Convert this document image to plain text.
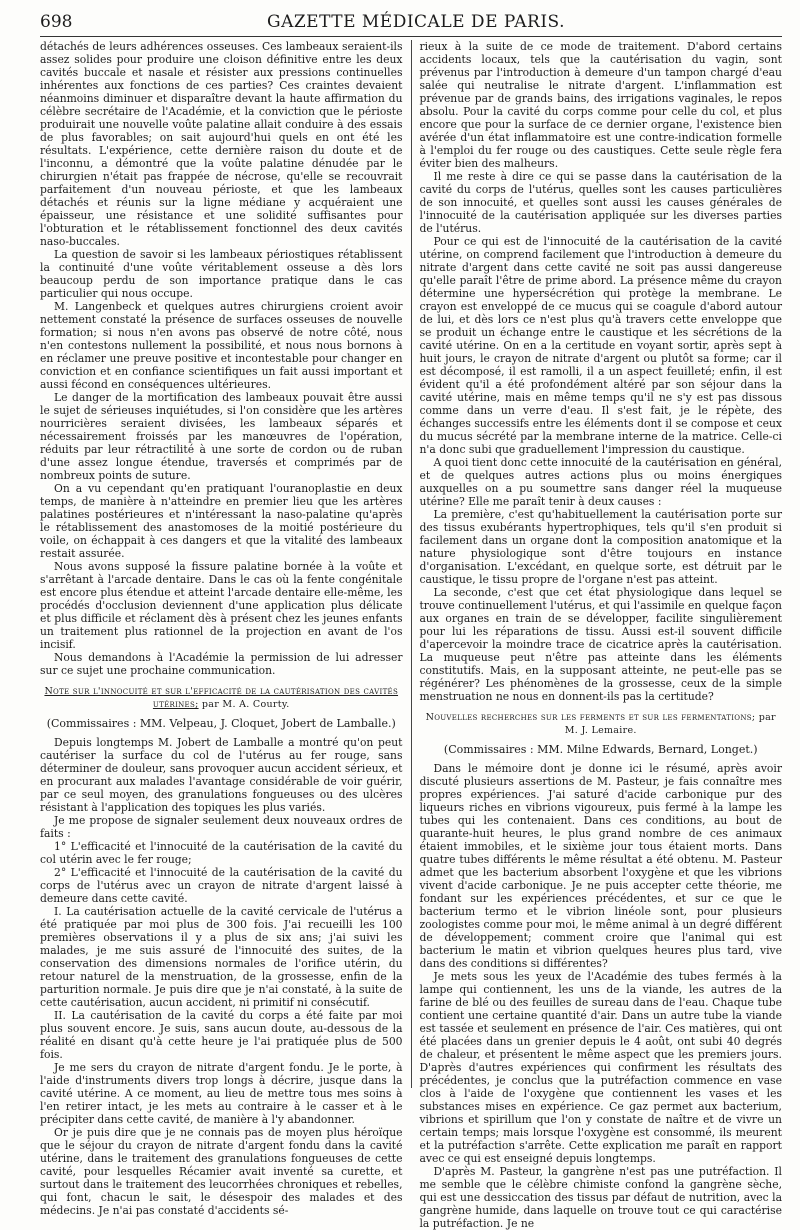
698	GAZETTE MÉDICALE DE PARIS.

détachés de leurs adhérences osseuses. Ces lambeaux seraient-ils assez solides pour produire une cloison définitive entre les deux cavités buccale et nasale et résister aux pressions continuelles inhérentes aux fonctions de ces parties? Ces craintes devaient néanmoins diminuer et disparaître devant la haute affirmation du célèbre secrétaire de l'Académie, et la conviction que le périoste produirait une nouvelle voûte palatine allait conduire à des essais de plus favorables; on sait aujourd'hui quels en ont été les résultats. L'expérience, cette dernière raison du doute et de l'inconnu, a démontré que la voûte palatine dénudée par le chirurgien n'était pas frappée de nécrose, qu'elle se recouvrait parfaitement d'un nouveau périoste, et que les lambeaux détachés et réunis sur la ligne médiane y acquéraient une épaisseur, une résistance et une solidité suffisantes pour l'obturation et le rétablissement fonctionnel des deux cavités naso-buccales.

La question de savoir si les lambeaux périostiques rétablissent la continuité d'une voûte véritablement osseuse a dès lors beaucoup perdu de son importance pratique dans le cas particulier qui nous occupe.

M. Langenbeck et quelques autres chirurgiens croient avoir nettement constaté la présence de surfaces osseuses de nouvelle formation; si nous n'en avons pas observé de notre côté, nous n'en contestons nullement la possibilité, et nous nous bornons à en réclamer une preuve positive et incontestable pour changer en conviction et en confiance scientifiques un fait aussi important et aussi fécond en conséquences ultérieures.

Le danger de la mortification des lambeaux pouvait être aussi le sujet de sérieuses inquiétudes, si l'on considère que les artères nourricières seraient divisées, les lambeaux séparés et nécessairement froissés par les manœuvres de l'opération, réduits par leur rétractilité à une sorte de cordon ou de ruban d'une assez longue étendue, traversés et comprimés par de nombreux points de suture.

On a vu cependant qu'en pratiquant l'ouranoplastie en deux temps, de manière à n'atteindre en premier lieu que les artères palatines postérieures et n'intéressant la naso-palatine qu'après le rétablissement des anastomoses de la moitié postérieure du voile, on échappait à ces dangers et que la vitalité des lambeaux restait assurée.

Nous avons supposé la fissure palatine bornée à la voûte et s'arrêtant à l'arcade dentaire. Dans le cas où la fente congénitale est encore plus étendue et atteint l'arcade dentaire elle-même, les procédés d'occlusion deviennent d'une application plus délicate et plus difficile et réclament dès à présent chez les jeunes enfants un traitement plus rationnel de la projection en avant de l'os incisif.

Nous demandons à l'Académie la permission de lui adresser sur ce sujet une prochaine communication.

Note sur l'innocuité et sur l'efficacité de la cautérisation des cavités utérines; par M. A. Courty.

(Commissaires : MM. Velpeau, J. Cloquet, Jobert de Lamballe.)

Depuis longtemps M. Jobert de Lamballe a montré qu'on peut cautériser la surface du col de l'utérus au fer rouge, sans déterminer de douleur, sans provoquer aucun accident sérieux, et en procurant aux malades l'avantage considérable de voir guérir, par ce seul moyen, des granulations fongueuses ou des ulcères résistant à l'application des topiques les plus variés.

Je me propose de signaler seulement deux nouveaux ordres de faits :

1° L'efficacité et l'innocuité de la cautérisation de la cavité du col utérin avec le fer rouge;

2° L'efficacité et l'innocuité de la cautérisation de la cavité du corps de l'utérus avec un crayon de nitrate d'argent laissé à demeure dans cette cavité.

I. La cautérisation actuelle de la cavité cervicale de l'utérus a été pratiquée par moi plus de 300 fois. J'ai recueilli les 100 premières observations il y a plus de six ans; j'ai suivi les malades, je me suis assuré de l'innocuité des suites, de la conservation des dimensions normales de l'orifice utérin, du retour naturel de la menstruation, de la grossesse, enfin de la parturition normale. Je puis dire que je n'ai constaté, à la suite de cette cautérisation, aucun accident, ni primitif ni consécutif.

II. La cautérisation de la cavité du corps a été faite par moi plus souvent encore. Je suis, sans aucun doute, au-dessous de la réalité en disant qu'à cette heure je l'ai pratiquée plus de 500 fois.

Je me sers du crayon de nitrate d'argent fondu. Je le porte, à l'aide d'instruments divers trop longs à décrire, jusque dans la cavité utérine. A ce moment, au lieu de mettre tous mes soins à l'en retirer intact, je les mets au contraire à le casser et à le précipiter dans cette cavité, de manière à l'y abandonner.

Or je puis dire que je ne connais pas de moyen plus héroïque que le séjour du crayon de nitrate d'argent fondu dans la cavité utérine, dans le traitement des granulations fongueuses de cette cavité, pour lesquelles Récamier avait inventé sa curette, et surtout dans le traitement des leucorrhées chroniques et rebelles, qui font, chacun le sait, le désespoir des malades et des médecins. Je n'ai pas constaté d'accidents sé-

rieux à la suite de ce mode de traitement. D'abord certains accidents locaux, tels que la cautérisation du vagin, sont prévenus par l'introduction à demeure d'un tampon chargé d'eau salée qui neutralise le nitrate d'argent. L'inflammation est prévenue par de grands bains, des irrigations vaginales, le repos absolu. Pour la cavité du corps comme pour celle du col, et plus encore que pour la surface de ce dernier organe, l'existence bien avérée d'un état inflammatoire est une contre-indication formelle à l'emploi du fer rouge ou des caustiques. Cette seule règle fera éviter bien des malheurs.

Il me reste à dire ce qui se passe dans la cautérisation de la cavité du corps de l'utérus, quelles sont les causes particulières de son innocuité, et quelles sont aussi les causes générales de l'innocuité de la cautérisation appliquée sur les diverses parties de l'utérus.

Pour ce qui est de l'innocuité de la cautérisation de la cavité utérine, on comprend facilement que l'introduction à demeure du nitrate d'argent dans cette cavité ne soit pas aussi dangereuse qu'elle paraît l'être de prime abord. La présence même du crayon détermine une hypersécrétion qui protège la membrane. Le crayon est enveloppé de ce mucus qui se coagule d'abord autour de lui, et dès lors ce n'est plus qu'à travers cette enveloppe que se produit un échange entre le caustique et les sécrétions de la cavité utérine. On en a la certitude en voyant sortir, après sept à huit jours, le crayon de nitrate d'argent ou plutôt sa forme; car il est décomposé, il est ramolli, il a un aspect feuilleté; enfin, il est évident qu'il a été profondément altéré par son séjour dans la cavité utérine, mais en même temps qu'il ne s'y est pas dissous comme dans un verre d'eau. Il s'est fait, je le répète, des échanges successifs entre les éléments dont il se compose et ceux du mucus sécrété par la membrane interne de la matrice. Celle-ci n'a donc subi que graduellement l'impression du caustique.

A quoi tient donc cette innocuité de la cautérisation en général, et de quelques autres actions plus ou moins énergiques auxquelles on a pu soumettre sans danger réel la muqueuse utérine? Elle me paraît tenir à deux causes :

La première, c'est qu'habituellement la cautérisation porte sur des tissus exubérants hypertrophiques, tels qu'il s'en produit si facilement dans un organe dont la composition anatomique et la nature physiologique sont d'être toujours en instance d'organisation. L'excédant, en quelque sorte, est détruit par le caustique, le tissu propre de l'organe n'est pas atteint.

La seconde, c'est que cet état physiologique dans lequel se trouve continuellement l'utérus, et qui l'assimile en quelque façon aux organes en train de se développer, facilite singulièrement pour lui les réparations de tissu. Aussi est-il souvent difficile d'apercevoir la moindre trace de cicatrice après la cautérisation. La muqueuse peut n'être pas atteinte dans les éléments constitutifs. Mais, en la supposant atteinte, ne peut-elle pas se régénérer? Les phénomènes de la grossesse, ceux de la simple menstruation ne nous en donnent-ils pas la certitude?

Nouvelles recherches sur les ferments et sur les fermentations; par M. J. Lemaire.

(Commissaires : MM. Milne Edwards, Bernard, Longet.)

Dans le mémoire dont je donne ici le résumé, après avoir discuté plusieurs assertions de M. Pasteur, je fais connaître mes propres expériences. J'ai saturé d'acide carbonique pur des liqueurs riches en vibrions vigoureux, puis fermé à la lampe les tubes qui les contenaient. Dans ces conditions, au bout de quarante-huit heures, le plus grand nombre de ces animaux étaient immobiles, et le sixième jour tous étaient morts. Dans quatre tubes différents le même résultat a été obtenu. M. Pasteur admet que les bacterium absorbent l'oxygène et que les vibrions vivent d'acide carbonique. Je ne puis accepter cette théorie, me fondant sur les expériences précédentes, et sur ce que le bacterium termo et le vibrion linéole sont, pour plusieurs zoologistes comme pour moi, le même animal à un degré différent de développement; comment croire que l'animal qui est bacterium le matin et vibrion quelques heures plus tard, vive dans des conditions si différentes?

Je mets sous les yeux de l'Académie des tubes fermés à la lampe qui contiennent, les uns de la viande, les autres de la farine de blé ou des feuilles de sureau dans de l'eau. Chaque tube contient une certaine quantité d'air. Dans un autre tube la viande est tassée et seulement en présence de l'air. Ces matières, qui ont été placées dans un grenier depuis le 4 août, ont subi 40 degrés de chaleur, et présentent le même aspect que les premiers jours. D'après d'autres expériences qui confirment les résultats des précédentes, je conclus que la putréfaction commence en vase clos à l'aide de l'oxygène que contiennent les vases et les substances mises en expérience. Ce gaz permet aux bacterium, vibrions et spirillum que l'on y constate de naître et de vivre un certain temps; mais lorsque l'oxygène est consommé, ils meurent et la putréfaction s'arrête. Cette explication me paraît en rapport avec ce qui est enseigné depuis longtemps.

D'après M. Pasteur, la gangrène n'est pas une putréfaction. Il me semble que le célèbre chimiste confond la gangrène sèche, qui est une dessiccation des tissus par défaut de nutrition, avec la gangrène humide, dans laquelle on trouve tout ce qui caractérise la putréfaction. Je ne
